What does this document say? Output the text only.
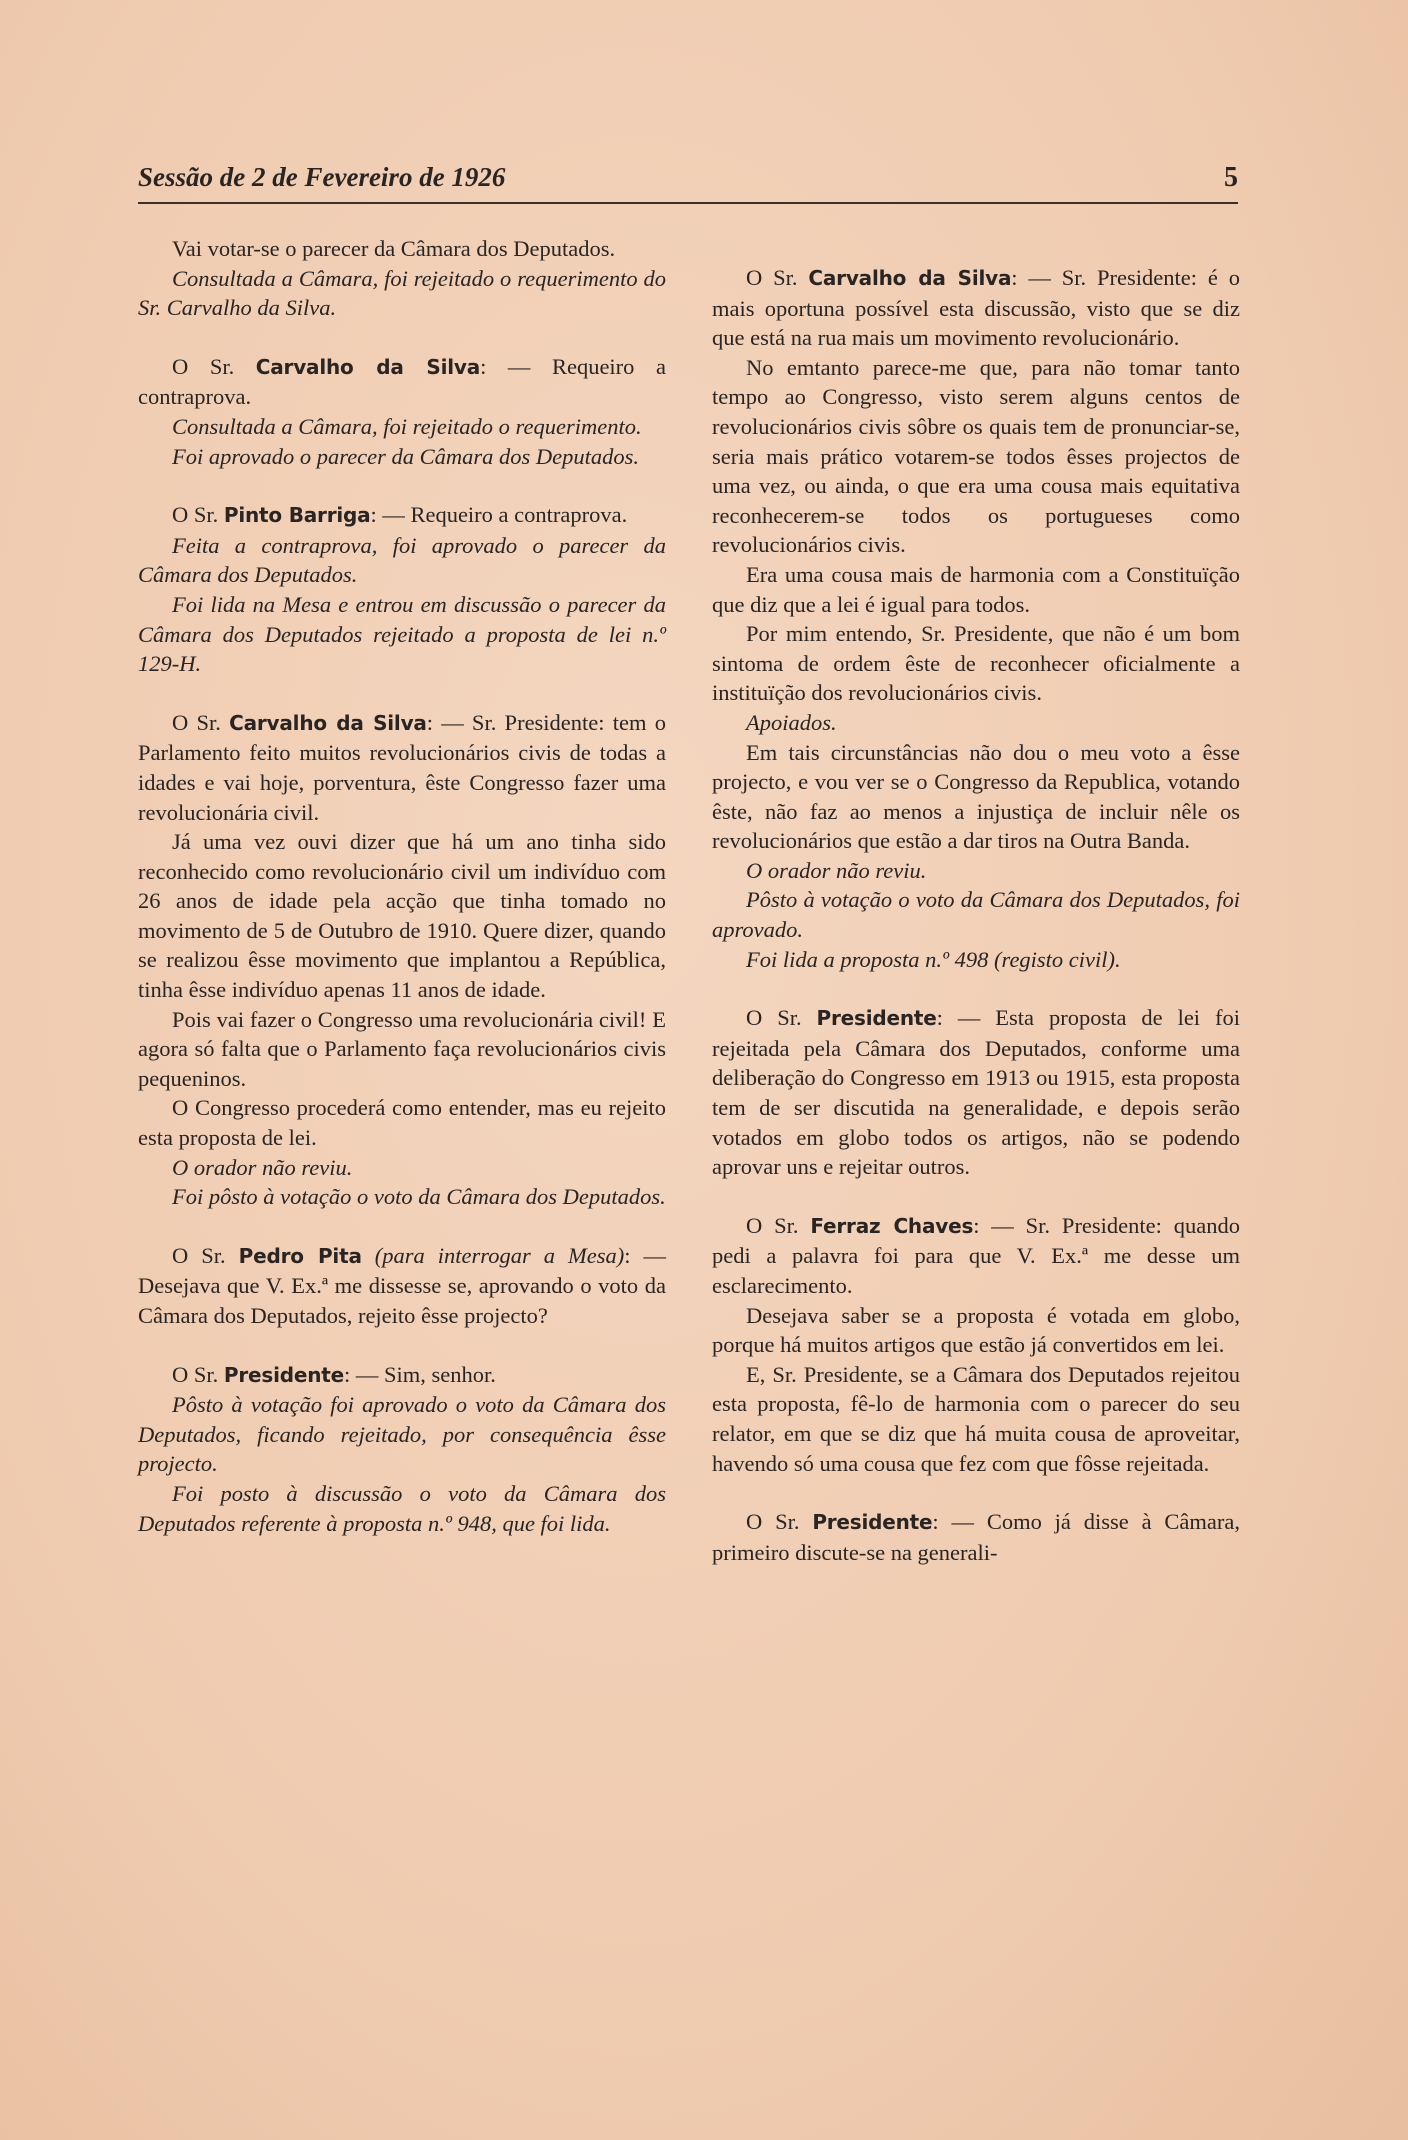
Sessão de 2 de Fevereiro de 1926	5

Vai votar-se o parecer da Câmara dos Deputados.

Consultada a Câmara, foi rejeitado o requerimento do Sr. Carvalho da Silva.

O Sr. Carvalho da Silva: — Requeiro a contraprova.

Consultada a Câmara, foi rejeitado o requerimento.

Foi aprovado o parecer da Câmara dos Deputados.

O Sr. Pinto Barriga: — Requeiro a contraprova.

Feita a contraprova, foi aprovado o parecer da Câmara dos Deputados.

Foi lida na Mesa e entrou em discussão o parecer da Câmara dos Deputados rejeitado a proposta de lei n.º 129-H.

O Sr. Carvalho da Silva: — Sr. Presidente: tem o Parlamento feito muitos revolucionários civis de todas a idades e vai hoje, porventura, êste Congresso fazer uma revolucionária civil.

Já uma vez ouvi dizer que há um ano tinha sido reconhecido como revolucionário civil um indivíduo com 26 anos de idade pela acção que tinha tomado no movimento de 5 de Outubro de 1910. Quere dizer, quando se realizou êsse movimento que implantou a República, tinha êsse indivíduo apenas 11 anos de idade.

Pois vai fazer o Congresso uma revolucionária civil! E agora só falta que o Parlamento faça revolucionários civis pequeninos.

O Congresso procederá como entender, mas eu rejeito esta proposta de lei.

O orador não reviu.

Foi pôsto à votação o voto da Câmara dos Deputados.

O Sr. Pedro Pita (para interrogar a Mesa): — Desejava que V. Ex.ª me dissesse se, aprovando o voto da Câmara dos Deputados, rejeito êsse projecto?

O Sr. Presidente: — Sim, senhor.

Pôsto à votação foi aprovado o voto da Câmara dos Deputados, ficando rejeitado, por consequência êsse projecto.

Foi posto à discussão o voto da Câmara dos Deputados referente à proposta n.º 948, que foi lida.

O Sr. Carvalho da Silva: — Sr. Presidente: é o mais oportuna possível esta discussão, visto que se diz que está na rua mais um movimento revolucionário.

No emtanto parece-me que, para não tomar tanto tempo ao Congresso, visto serem alguns centos de revolucionários civis sôbre os quais tem de pronunciar-se, seria mais prático votarem-se todos êsses projectos de uma vez, ou ainda, o que era uma cousa mais equitativa reconhecerem-se todos os portugueses como revolucionários civis.

Era uma cousa mais de harmonia com a Constituïção que diz que a lei é igual para todos.

Por mim entendo, Sr. Presidente, que não é um bom sintoma de ordem êste de reconhecer oficialmente a instituïção dos revolucionários civis.

Apoiados.

Em tais circunstâncias não dou o meu voto a êsse projecto, e vou ver se o Congresso da Republica, votando êste, não faz ao menos a injustiça de incluir nêle os revolucionários que estão a dar tiros na Outra Banda.

O orador não reviu.

Pôsto à votação o voto da Câmara dos Deputados, foi aprovado.

Foi lida a proposta n.º 498 (registo civil).

O Sr. Presidente: — Esta proposta de lei foi rejeitada pela Câmara dos Deputados, conforme uma deliberação do Congresso em 1913 ou 1915, esta proposta tem de ser discutida na generalidade, e depois serão votados em globo todos os artigos, não se podendo aprovar uns e rejeitar outros.

O Sr. Ferraz Chaves: — Sr. Presidente: quando pedi a palavra foi para que V. Ex.ª me desse um esclarecimento.

Desejava saber se a proposta é votada em globo, porque há muitos artigos que estão já convertidos em lei.

E, Sr. Presidente, se a Câmara dos Deputados rejeitou esta proposta, fê-lo de harmonia com o parecer do seu relator, em que se diz que há muita cousa de aproveitar, havendo só uma cousa que fez com que fôsse rejeitada.

O Sr. Presidente: — Como já disse à Câmara, primeiro discute-se na generali-
